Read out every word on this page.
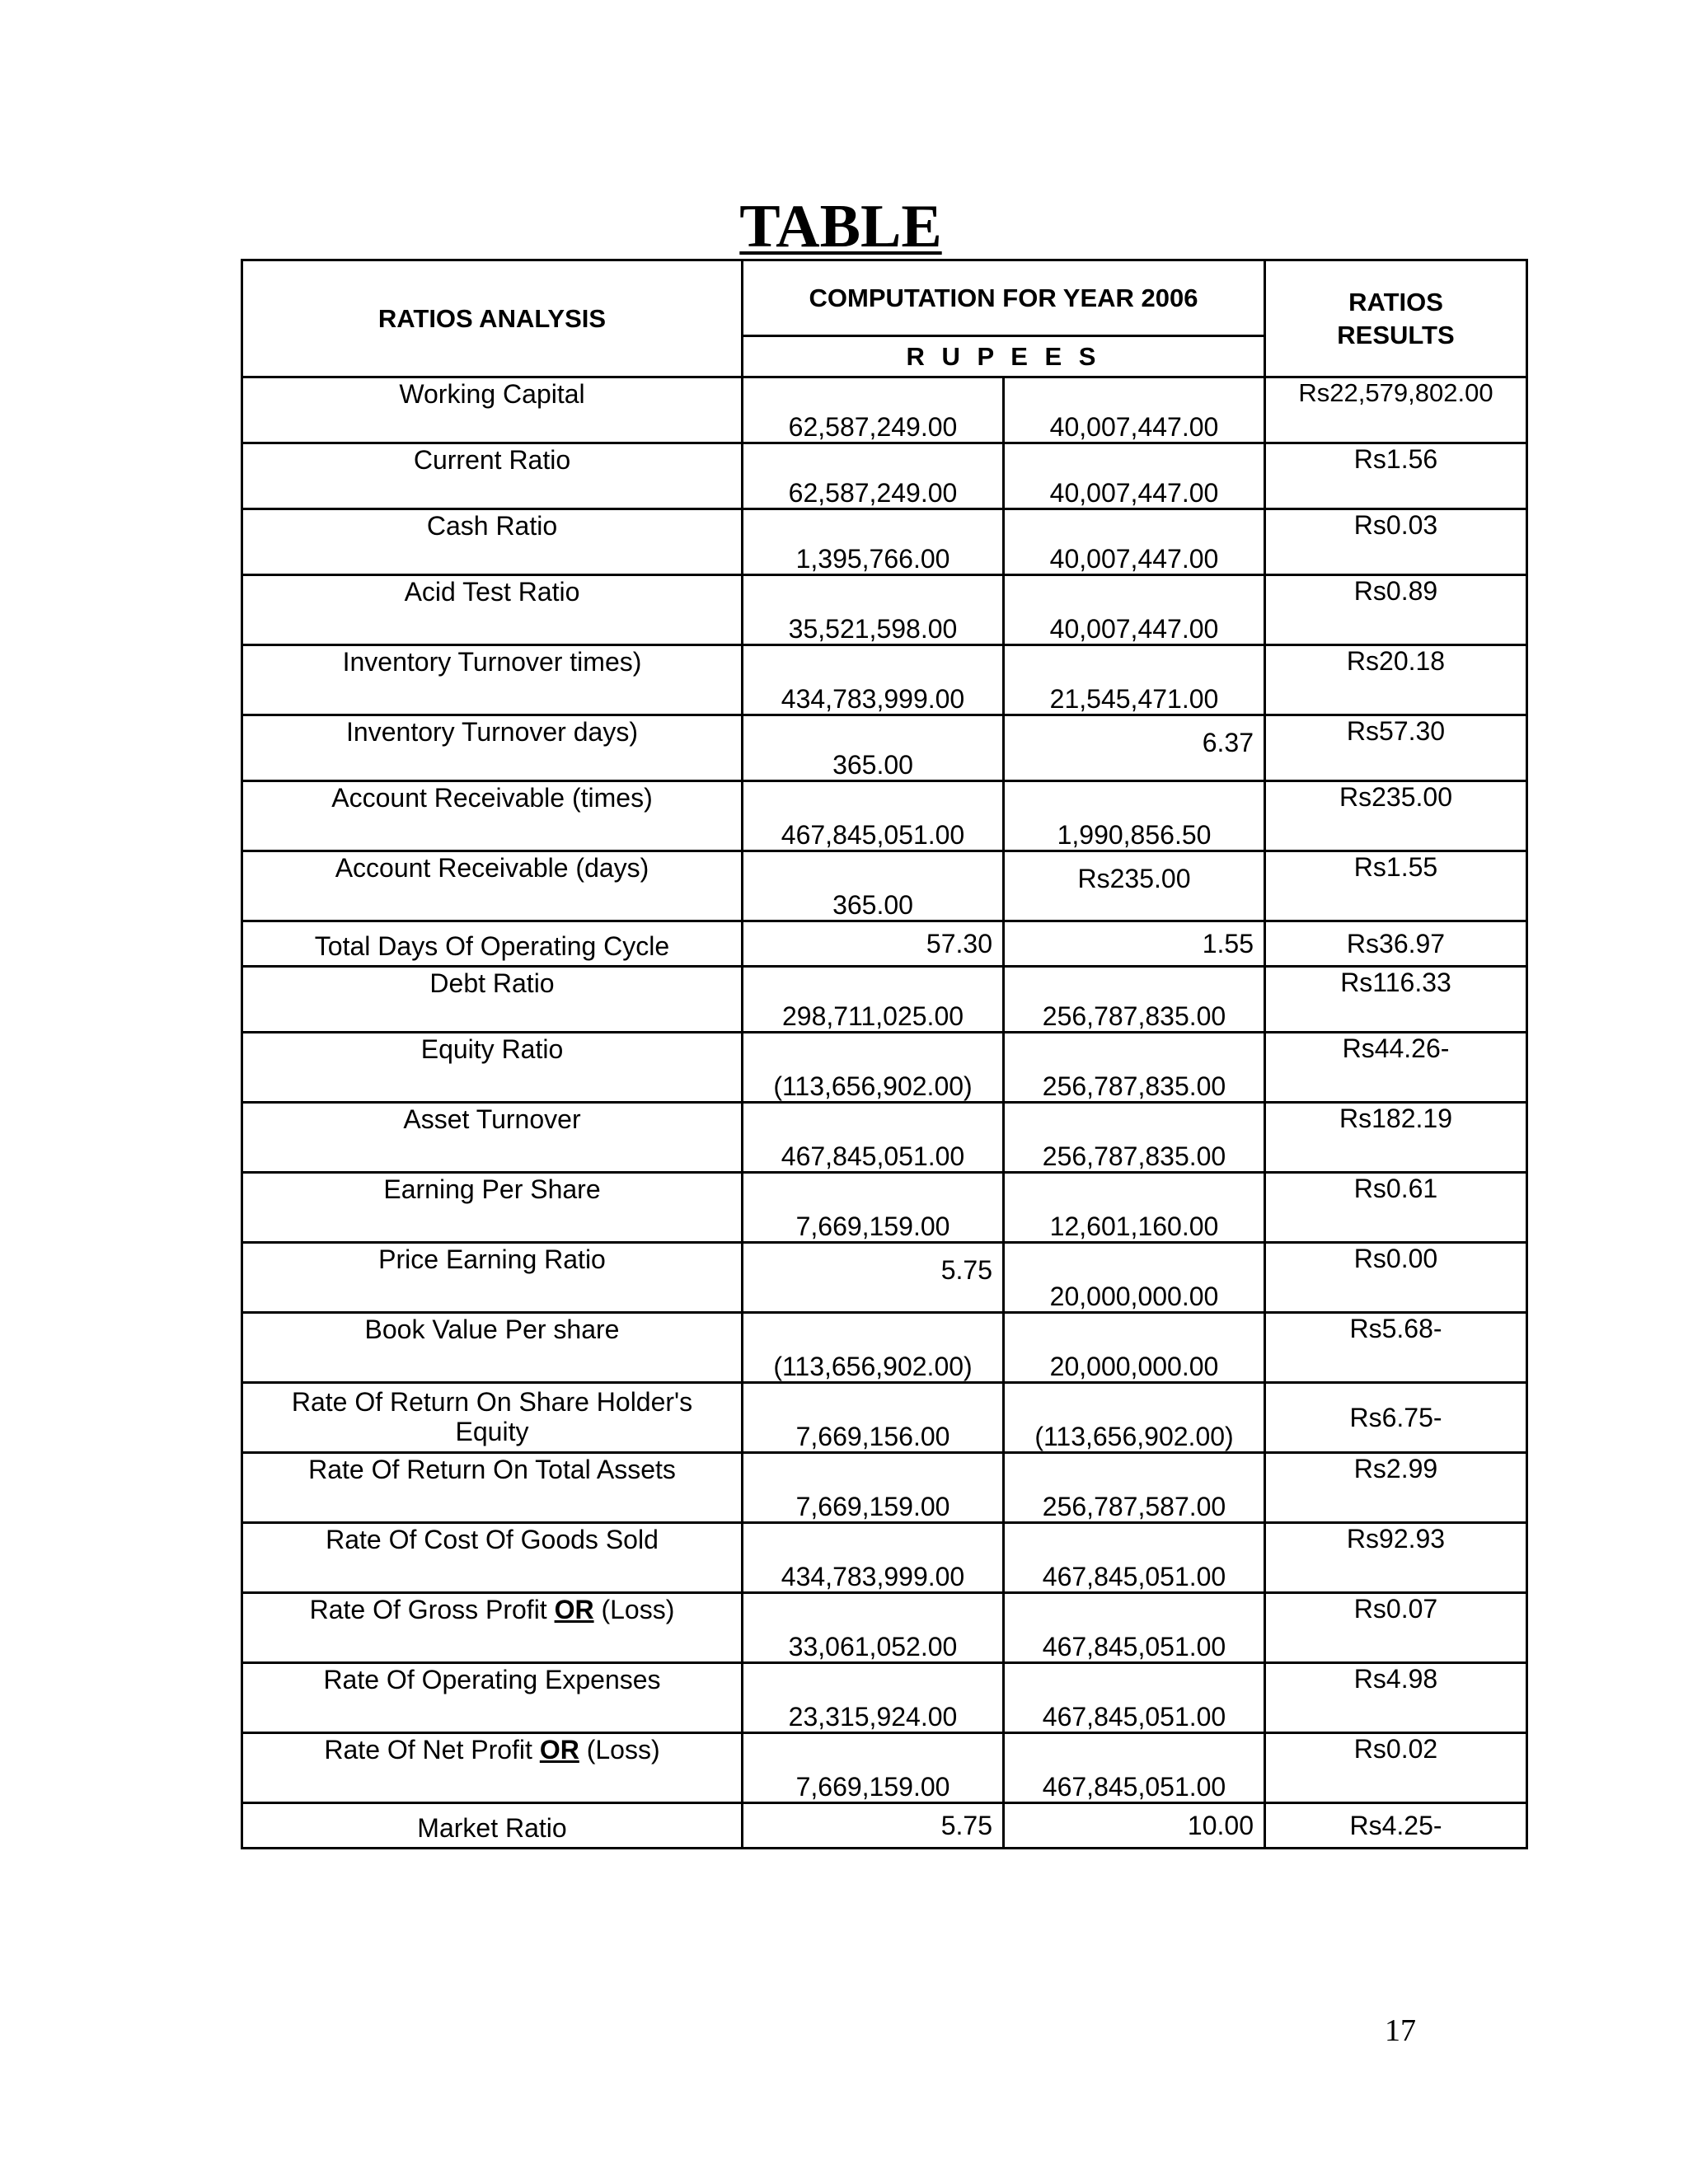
TABLE
RATIOS ANALYSIS	COMPUTATION FOR YEAR 2006		RATIOS
RESULTS
	R U P E E S		
Working Capital	62,587,249.00	40,007,447.00	Rs22,579,802.00
Current Ratio	62,587,249.00	40,007,447.00	Rs1.56
Cash Ratio	1,395,766.00	40,007,447.00	Rs0.03
Acid Test Ratio	35,521,598.00	40,007,447.00	Rs0.89
Inventory Turnover times)	434,783,999.00	21,545,471.00	Rs20.18
Inventory Turnover days)	365.00	6.37	Rs57.30
Account Receivable (times)	467,845,051.00	1,990,856.50	Rs235.00
Account Receivable (days)	365.00	Rs235.00	Rs1.55
Total Days Of Operating Cycle	57.30	1.55	Rs36.97
Debt Ratio	298,711,025.00	256,787,835.00	Rs116.33
Equity Ratio	(113,656,902.00)	256,787,835.00	Rs44.26-
Asset Turnover	467,845,051.00	256,787,835.00	Rs182.19
Earning Per Share	7,669,159.00	12,601,160.00	Rs0.61
Price Earning Ratio	5.75	20,000,000.00	Rs0.00
Book Value Per share	(113,656,902.00)	20,000,000.00	Rs5.68-
Rate Of Return On Share Holder's
Equity	7,669,156.00	(113,656,902.00)	Rs6.75-
Rate Of Return On Total Assets	7,669,159.00	256,787,587.00	Rs2.99
Rate Of Cost Of Goods Sold	434,783,999.00	467,845,051.00	Rs92.93
Rate Of Gross Profit OR (Loss)	33,061,052.00	467,845,051.00	Rs0.07
Rate Of Operating Expenses	23,315,924.00	467,845,051.00	Rs4.98
Rate Of Net Profit OR (Loss)	7,669,159.00	467,845,051.00	Rs0.02
Market Ratio	5.75	10.00	Rs4.25-
17
